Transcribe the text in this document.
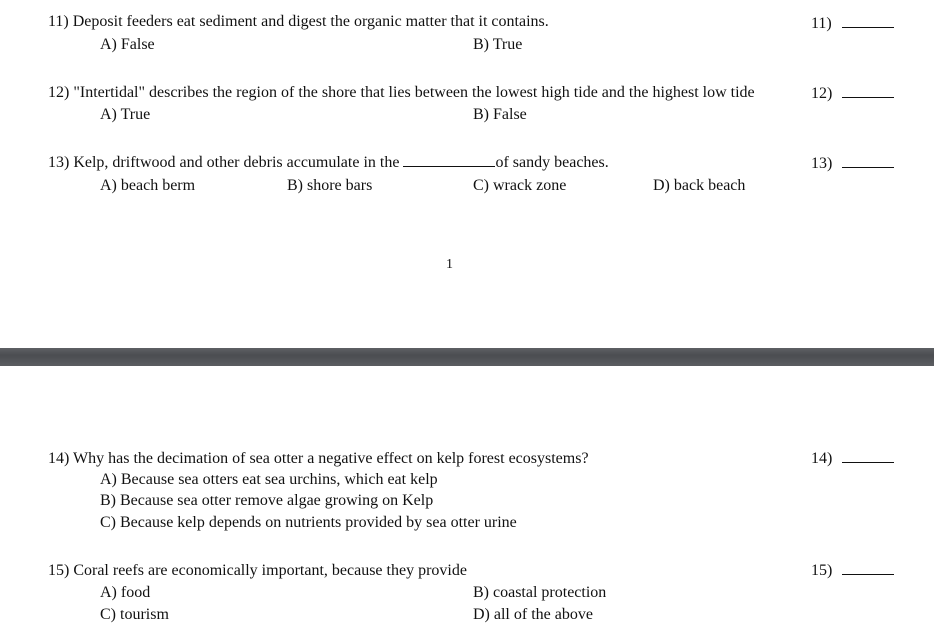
11) Deposit feeders eat sediment and digest the organic matter that it contains.
A) False	B) True
11)
12) "Intertidal" describes the region of the shore that lies between the lowest high tide and the highest low tide
A) True	B) False
12)
13) Kelp, driftwood and other debris accumulate in the	of sandy beaches.
A) beach berm	B) shore bars	C) wrack zone	D) back beach
13)
1
14) Why has the decimation of sea otter a negative effect on kelp forest ecosystems?
A) Because sea otters eat sea urchins, which eat kelp
B) Because sea otter remove algae growing on Kelp
C) Because kelp depends on nutrients provided by sea otter urine
14)
15) Coral reefs are economically important, because they provide
A) food	B) coastal protection
C) tourism	D) all of the above
15)
